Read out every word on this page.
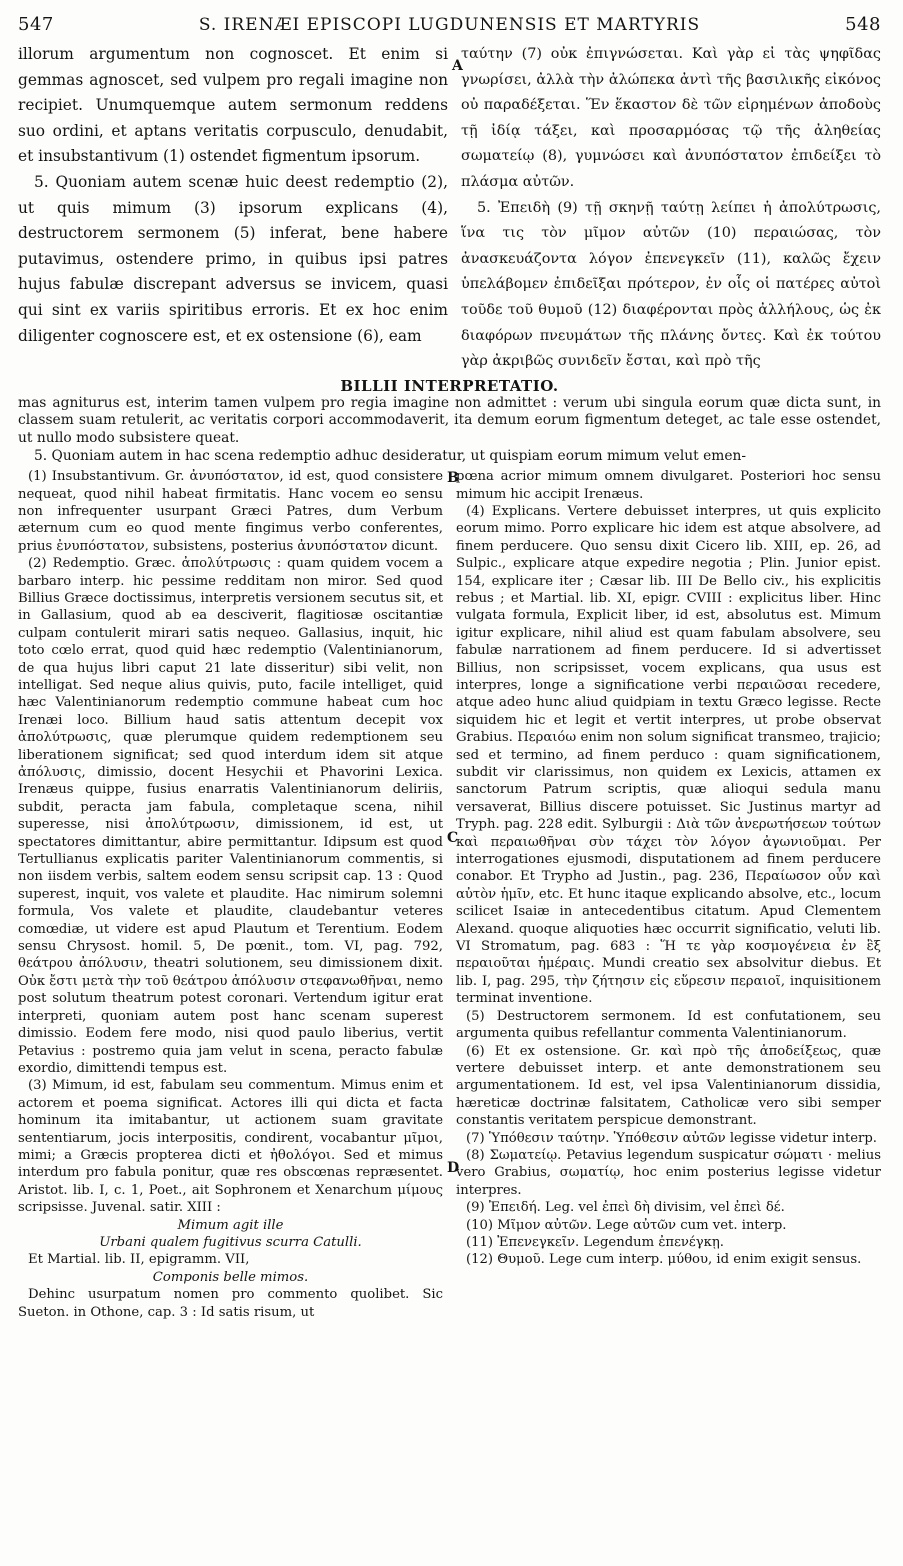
547	S. IRENÆI EPISCOPI LUGDUNENSIS ET MARTYRIS	548

illorum argumentum non cognoscet. Et enim si gemmas agnoscet, sed vulpem pro regali imagine non recipiet. Unumquemque autem sermonum reddens suo ordini, et aptans veritatis corpusculo, denudabit, et insubstantivum (1) ostendet figmentum ipsorum.

5. Quoniam autem scenæ huic deest redemptio (2), ut quis mimum (3) ipsorum explicans (4), destructorem sermonem (5) inferat, bene habere putavimus, ostendere primo, in quibus ipsi patres hujus fabulæ discrepant adversus se invicem, quasi qui sint ex variis spiritibus erroris. Et ex hoc enim diligenter cognoscere est, et ex ostensione (6), eam

ταύτην (7) οὐκ ἐπιγνώσεται. Καὶ γὰρ εἰ τὰς ψηφῖδας γνωρίσει, ἀλλὰ τὴν ἀλώπεκα ἀντὶ τῆς βασιλικῆς εἰκόνος οὐ παραδέξεται. Ἕν ἕκαστον δὲ τῶν εἰρημένων ἀποδοὺς τῇ ἰδίᾳ τάξει, καὶ προσαρμόσας τῷ τῆς ἀληθείας σωματείῳ (8), γυμνώσει καὶ ἀνυπόστατον ἐπιδείξει τὸ πλάσμα αὐτῶν.

5. Ἐπειδὴ (9) τῇ σκηνῇ ταύτῃ λείπει ἡ ἀπολύτρωσις, ἵνα τις τὸν μῖμον αὐτῶν (10) περαιώσας, τὸν ἀνασκευάζοντα λόγον ἐπενεγκεῖν (11), καλῶς ἔχειν ὑπελάβομεν ἐπιδεῖξαι πρότερον, ἐν οἷς οἱ πατέρες αὐτοὶ τοῦδε τοῦ θυμοῦ (12) διαφέρονται πρὸς ἀλλήλους, ὡς ἐκ διαφόρων πνευμάτων τῆς πλάνης ὄντες. Καὶ ἐκ τούτου γὰρ ἀκριβῶς συνιδεῖν ἔσται, καὶ πρὸ τῆς

A
BILLII INTERPRETATIO.

mas agniturus est, interim tamen vulpem pro regia imagine non admittet : verum ubi singula eorum quæ dicta sunt, in classem suam retulerit, ac veritatis corpori accommodaverit, ita demum eorum figmentum deteget, ac tale esse ostendet, ut nullo modo subsistere queat.

5. Quoniam autem in hac scena redemptio adhuc desideratur, ut quispiam eorum mimum velut emen-

(1) Insubstantivum. Gr. ἀνυπόστατον, id est, quod consistere nequeat, quod nihil habeat firmitatis. Hanc vocem eo sensu non infrequenter usurpant Græci Patres, dum Verbum æternum cum eo quod mente fingimus verbo conferentes, prius ἐνυπόστατον, subsistens, posterius ἀνυπόστατον dicunt.

(2) Redemptio. Græc. ἀπολύτρωσις : quam quidem vocem a barbaro interp. hic pessime redditam non miror. Sed quod Billius Græce doctissimus, interpretis versionem secutus sit, et in Gallasium, quod ab ea desciverit, flagitiosæ oscitantiæ culpam contulerit mirari satis nequeo. Gallasius, inquit, hic toto cœlo errat, quod quid hæc redemptio (Valentinianorum, de qua hujus libri caput 21 late disseritur) sibi velit, non intelligat. Sed neque alius quivis, puto, facile intelliget, quid hæc Valentinianorum redemptio commune habeat cum hoc Irenæi loco. Billium haud satis attentum decepit vox ἀπολύτρωσις, quæ plerumque quidem redemptionem seu liberationem significat; sed quod interdum idem sit atque ἀπόλυσις, dimissio, docent Hesychii et Phavorini Lexica. Irenæus quippe, fusius enarratis Valentinianorum deliriis, subdit, peracta jam fabula, completaque scena, nihil superesse, nisi ἀπολύτρωσιν, dimissionem, id est, ut spectatores dimittantur, abire permittantur. Idipsum est quod Tertullianus explicatis pariter Valentinianorum commentis, si non iisdem verbis, saltem eodem sensu scripsit cap. 13 : Quod superest, inquit, vos valete et plaudite. Hac nimirum solemni formula, Vos valete et plaudite, claudebantur veteres comœdiæ, ut videre est apud Plautum et Terentium. Eodem sensu Chrysost. homil. 5, De pœnit., tom. VI, pag. 792, θεάτρου ἀπόλυσιν, theatri solutionem, seu dimissionem dixit. Οὐκ ἔστι μετὰ τὴν τοῦ θεάτρου ἀπόλυσιν στεφανωθῆναι, nemo post solutum theatrum potest coronari. Vertendum igitur erat interpreti, quoniam autem post hanc scenam superest dimissio. Eodem fere modo, nisi quod paulo liberius, vertit Petavius : postremo quia jam velut in scena, peracto fabulæ exordio, dimittendi tempus est.

(3) Mimum, id est, fabulam seu commentum. Mimus enim et actorem et poema significat. Actores illi qui dicta et facta hominum ita imitabantur, ut actionem suam gravitate sententiarum, jocis interpositis, condirent, vocabantur μῖμοι, mimi; a Græcis propterea dicti et ἠθολόγοι. Sed et mimus interdum pro fabula ponitur, quæ res obscœnas repræsentet. Aristot. lib. I, c. 1, Poet., ait Sophronem et Xenarchum μίμους scripsisse. Juvenal. satir. XIII :

Mimum agit ille

Urbani qualem fugitivus scurra Catulli.

Et Martial. lib. II, epigramm. VII,

Componis belle mimos.

Dehinc usurpatum nomen pro commento quolibet. Sic Sueton. in Othone, cap. 3 : Id satis risum, ut

pœna acrior mimum omnem divulgaret. Posteriori hoc sensu mimum hic accipit Irenæus.

(4) Explicans. Vertere debuisset interpres, ut quis explicito eorum mimo. Porro explicare hic idem est atque absolvere, ad finem perducere. Quo sensu dixit Cicero lib. XIII, ep. 26, ad Sulpic., explicare atque expedire negotia ; Plin. Junior epist. 154, explicare iter ; Cæsar lib. III De Bello civ., his explicitis rebus ; et Martial. lib. XI, epigr. CVIII : explicitus liber. Hinc vulgata formula, Explicit liber, id est, absolutus est. Mimum igitur explicare, nihil aliud est quam fabulam absolvere, seu fabulæ narrationem ad finem perducere. Id si advertisset Billius, non scripsisset, vocem explicans, qua usus est interpres, longe a significatione verbi περαιῶσαι recedere, atque adeo hunc aliud quidpiam in textu Græco legisse. Recte siquidem hic et legit et vertit interpres, ut probe observat Grabius. Περαιόω enim non solum significat transmeo, trajicio; sed et termino, ad finem perduco : quam significationem, subdit vir clarissimus, non quidem ex Lexicis, attamen ex sanctorum Patrum scriptis, quæ alioqui sedula manu versaverat, Billius discere potuisset. Sic Justinus martyr ad Tryph. pag. 228 edit. Sylburgii : Διὰ τῶν ἀνερωτήσεων τούτων καὶ περαιωθῆναι σὺν τάχει τὸν λόγον ἀγωνιοῦμαι. Per interrogationes ejusmodi, disputationem ad finem perducere conabor. Et Trypho ad Justin., pag. 236, Περαίωσον οὖν καὶ αὐτὸν ἡμῖν, etc. Et hunc itaque explicando absolve, etc., locum scilicet Isaiæ in antecedentibus citatum. Apud Clementem Alexand. quoque aliquoties hæc occurrit significatio, veluti lib. VI Stromatum, pag. 683 : Ἥ τε γὰρ κοσμογένεια ἐν ἓξ περαιοῦται ἡμέραις. Mundi creatio sex absolvitur diebus. Et lib. I, pag. 295, τὴν ζήτησιν εἰς εὕρεσιν περαιοῖ, inquisitionem terminat inventione.

(5) Destructorem sermonem. Id est confutationem, seu argumenta quibus refellantur commenta Valentinianorum.

(6) Et ex ostensione. Gr. καὶ πρὸ τῆς ἀποδείξεως, quæ vertere debuisset interp. et ante demonstrationem seu argumentationem. Id est, vel ipsa Valentinianorum dissidia, hæreticæ doctrinæ falsitatem, Catholicæ vero sibi semper constantis veritatem perspicue demonstrant.

(7) Ὑπόθεσιν ταύτην. Ὑπόθεσιν αὐτῶν legisse videtur interp.

(8) Σωματείῳ. Petavius legendum suspicatur σώματι · melius vero Grabius, σωματίῳ, hoc enim posterius legisse videtur interpres.

(9) Ἐπειδή. Leg. vel ἐπεὶ δὴ divisim, vel ἐπεὶ δέ.

(10) Μῖμον αὐτῶν. Lege αὐτῶν cum vet. interp.

(11) Ἐπενεγκεῖν. Legendum ἐπενέγκῃ.

(12) Θυμοῦ. Lege cum interp. μύθου, id enim exigit sensus.

B
C
D
